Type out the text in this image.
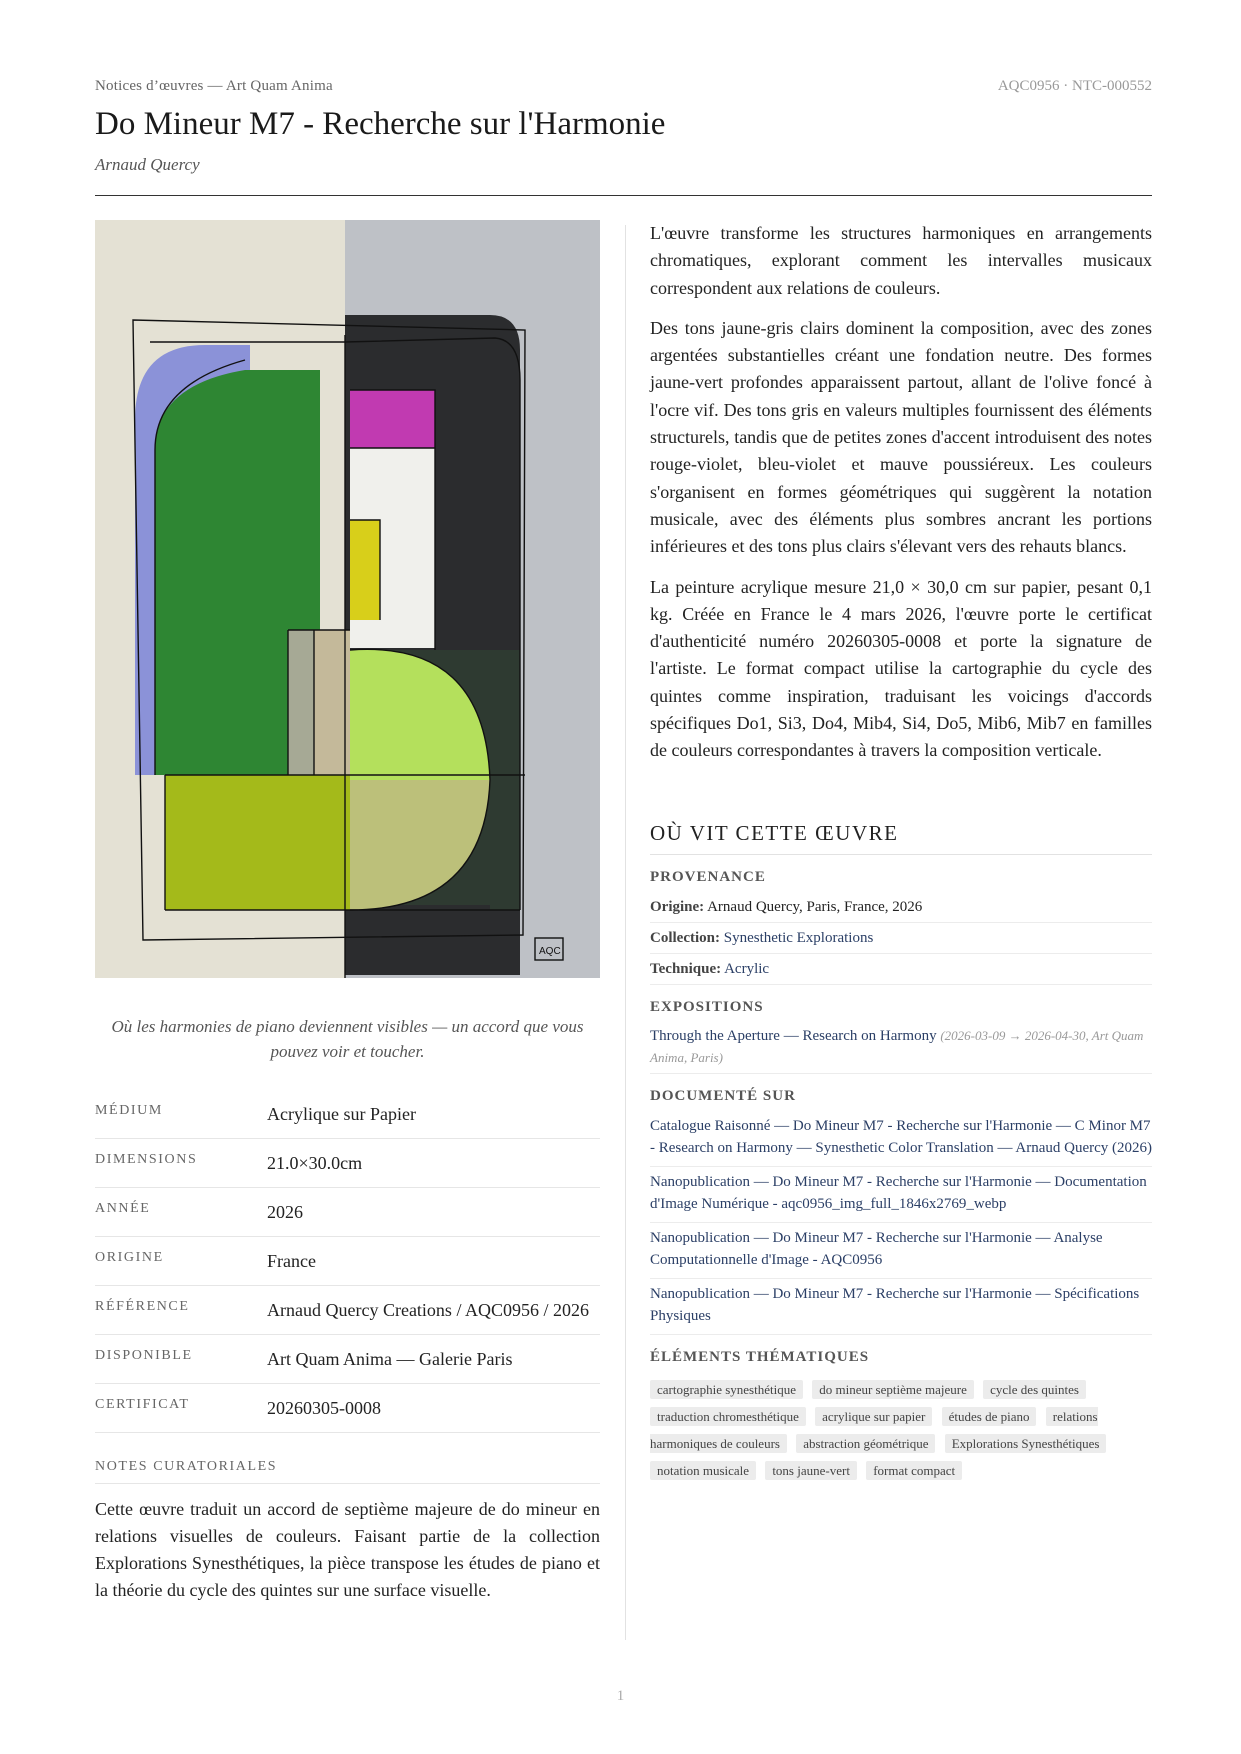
Notices d’œuvres — Art Quam Anima	AQC0956 · NTC-000552
Do Mineur M7 - Recherche sur l'Harmonie
Arnaud Quercy
AQC
Où les harmonies de piano deviennent visibles — un accord que vous pouvez voir et toucher.
MÉDIUM	Acrylique sur Papier
DIMENSIONS	21.0×30.0cm
ANNÉE	2026
ORIGINE	France
RÉFÉRENCE	Arnaud Quercy Creations / AQC0956 / 2026
DISPONIBLE	Art Quam Anima — Galerie Paris
CERTIFICAT	20260305-0008
NOTES CURATORIALES
Cette œuvre traduit un accord de septième majeure de do mineur en relations visuelles de couleurs. Faisant partie de la collection Explorations Synesthétiques, la pièce transpose les études de piano et la théorie du cycle des quintes sur une surface visuelle.

L'œuvre transforme les structures harmoniques en arrangements chromatiques, explorant comment les intervalles musicaux correspondent aux relations de couleurs.

Des tons jaune-gris clairs dominent la composition, avec des zones argentées substantielles créant une fondation neutre. Des formes jaune-vert profondes apparaissent partout, allant de l'olive foncé à l'ocre vif. Des tons gris en valeurs multiples fournissent des éléments structurels, tandis que de petites zones d'accent introduisent des notes rouge-violet, bleu-violet et mauve poussiéreux. Les couleurs s'organisent en formes géométriques qui suggèrent la notation musicale, avec des éléments plus sombres ancrant les portions inférieures et des tons plus clairs s'élevant vers des rehauts blancs.

La peinture acrylique mesure 21,0 × 30,0 cm sur papier, pesant 0,1 kg. Créée en France le 4 mars 2026, l'œuvre porte le certificat d'authenticité numéro 20260305-0008 et porte la signature de l'artiste. Le format compact utilise la cartographie du cycle des quintes comme inspiration, traduisant les voicings d'accords spécifiques Do1, Si3, Do4, Mib4, Si4, Do5, Mib6, Mib7 en familles de couleurs correspondantes à travers la composition verticale.

OÙ VIT CETTE ŒUVRE
PROVENANCE
Origine: Arnaud Quercy, Paris, France, 2026
Collection: Synesthetic Explorations
Technique: Acrylic
EXPOSITIONS
Through the Aperture — Research on Harmony (2026-03-09 → 2026-04-30, Art Quam Anima, Paris)
DOCUMENTÉ SUR
Catalogue Raisonné — Do Mineur M7 - Recherche sur l'Harmonie — C Minor M7 - Research on Harmony — Synesthetic Color Translation — Arnaud Quercy (2026)
Nanopublication — Do Mineur M7 - Recherche sur l'Harmonie — Documentation d'Image Numérique - aqc0956_img_full_1846x2769_webp
Nanopublication — Do Mineur M7 - Recherche sur l'Harmonie — Analyse Computationnelle d'Image - AQC0956
Nanopublication — Do Mineur M7 - Recherche sur l'Harmonie — Spécifications Physiques
ÉLÉMENTS THÉMATIQUES
cartographie synesthétique do mineur septième majeure cycle des quintes traduction chromesthétique acrylique sur papier études de piano relations harmoniques de couleurs abstraction géométrique Explorations Synesthétiques notation musicale tons jaune-vert format compact
1
